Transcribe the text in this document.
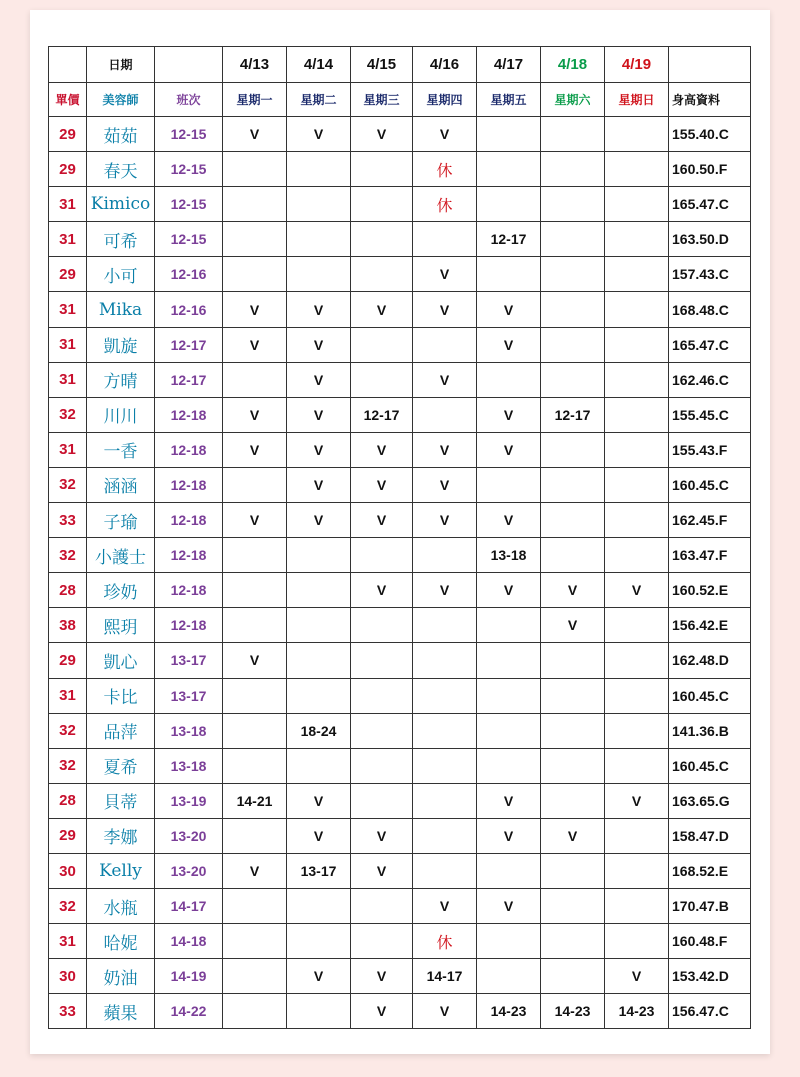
	日期		4/13	4/14	4/15	4/16	4/17	4/18	4/19	
單價	美容師	班次	星期一	星期二	星期三	星期四	星期五	星期六	星期日	身高資料
29	茹茹	12-15	V	V	V	V				155.40.C
29	春天	12-15				休				160.50.F
31	Kimico	12-15				休				165.47.C
31	可希	12-15					12-17			163.50.D
29	小可	12-16				V				157.43.C
31	Mika	12-16	V	V	V	V	V			168.48.C
31	凱旋	12-17	V	V			V			165.47.C
31	方晴	12-17		V		V				162.46.C
32	川川	12-18	V	V	12-17		V	12-17		155.45.C
31	一香	12-18	V	V	V	V	V			155.43.F
32	涵涵	12-18		V	V	V				160.45.C
33	子瑜	12-18	V	V	V	V	V			162.45.F
32	小護士	12-18					13-18			163.47.F
28	珍奶	12-18			V	V	V	V	V	160.52.E
38	熙玥	12-18						V		156.42.E
29	凱心	13-17	V							162.48.D
31	卡比	13-17								160.45.C
32	品萍	13-18		18-24						141.36.B
32	夏希	13-18								160.45.C
28	貝蒂	13-19	14-21	V			V		V	163.65.G
29	李娜	13-20		V	V		V	V		158.47.D
30	Kelly	13-20	V	13-17	V					168.52.E
32	水瓶	14-17				V	V			170.47.B
31	哈妮	14-18				休				160.48.F
30	奶油	14-19		V	V	14-17			V	153.42.D
33	蘋果	14-22			V	V	14-23	14-23	14-23	156.47.C
